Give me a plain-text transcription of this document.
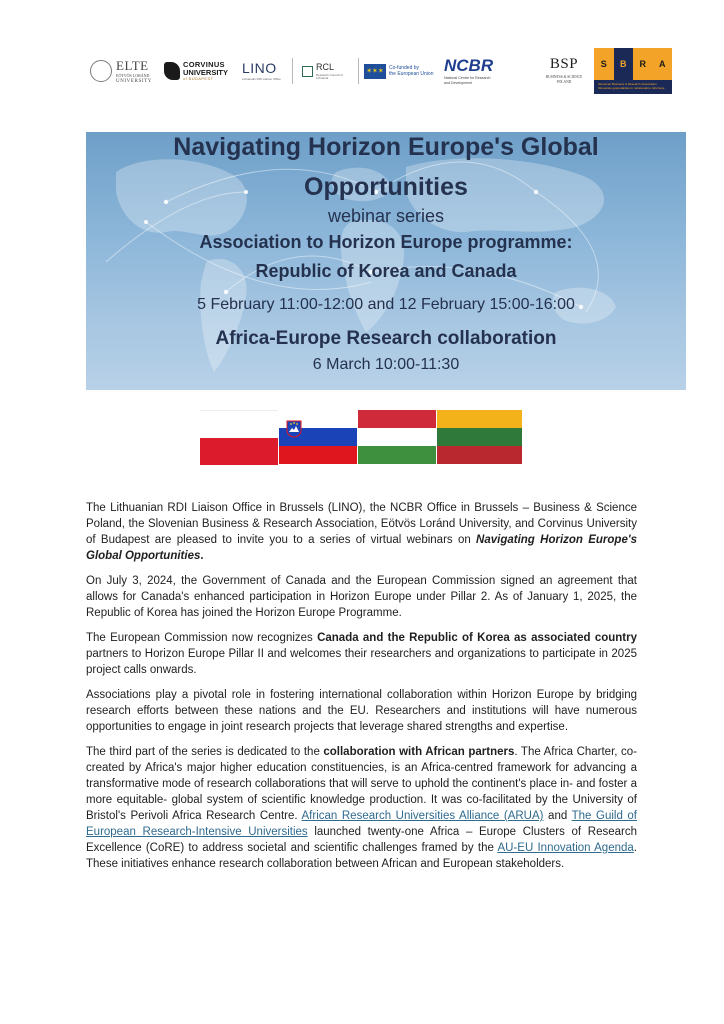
ELTE
EÖTVÖS LORÁND
UNIVERSITY
CORVINUS
UNIVERSITY
of BUDAPEST
LINO
Lithuanian RDI Liaison Office
RCL
Research Council of Lithuania
✶✶✶ Co-funded by
the European Union NCBR
National Centre for Research
and Development
BSP
BUSINESS & SCIENCE
POLAND
S	B	R	A
Slovenian Business & Research Association
Slovensko gospodarsko in raziskovalno združenje
Navigating Horizon Europe's Global
Opportunities
webinar series
Association to Horizon Europe programme:
Republic of Korea and Canada
5 February 11:00-12:00 and 12 February 15:00-16:00
Africa-Europe Research collaboration
6 March 10:00-11:30

The Lithuanian RDI Liaison Office in Brussels (LINO), the NCBR Office in Brussels – Business & Science Poland, the Slovenian Business & Research Association, Eötvös Loránd University, and Corvinus University of Budapest are pleased to invite you to a series of virtual webinars on Navigating Horizon Europe's Global Opportunities.

On July 3, 2024, the Government of Canada and the European Commission signed an agreement that allows for Canada's enhanced participation in Horizon Europe under Pillar 2. As of January 1, 2025, the Republic of Korea has joined the Horizon Europe Programme.

The European Commission now recognizes Canada and the Republic of Korea as associated country partners to Horizon Europe Pillar II and welcomes their researchers and organizations to participate in 2025 project calls onwards.

Associations play a pivotal role in fostering international collaboration within Horizon Europe by bridging research efforts between these nations and the EU. Researchers and institutions will have numerous opportunities to engage in joint research projects that leverage shared strengths and expertise.

The third part of the series is dedicated to the collaboration with African partners. The Africa Charter, co-created by Africa's major higher education constituencies, is an Africa-centred framework for advancing a transformative mode of research collaborations that will serve to uphold the continent's place in- and foster a more equitable- global system of scientific knowledge production. It was co-facilitated by the University of Bristol's Perivoli Africa Research Centre. African Research Universities Alliance (ARUA) and The Guild of European Research-Intensive Universities launched twenty-one Africa – Europe Clusters of Research Excellence (CoRE) to address societal and scientific challenges framed by the AU-EU Innovation Agenda. These initiatives enhance research collaboration between African and European stakeholders.
